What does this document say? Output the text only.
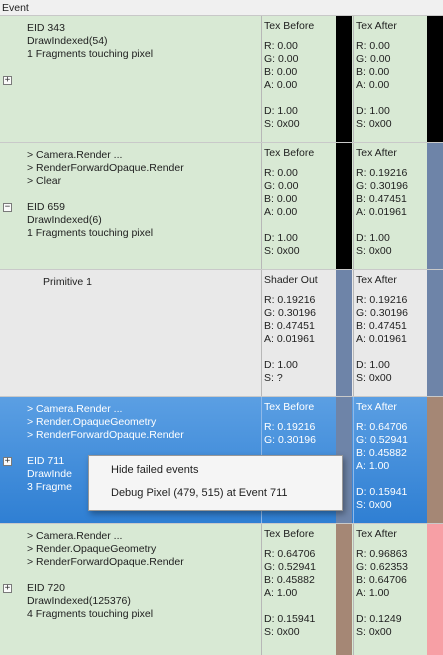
Event
EID 343
DrawIndexed(54)
1 Fragments touching pixel
+
Tex Before
R: 0.00
G: 0.00
B: 0.00
A: 0.00
D: 1.00
S: 0x00
Tex After
R: 0.00
G: 0.00
B: 0.00
A: 0.00
D: 1.00
S: 0x00
> Camera.Render ...
> RenderForwardOpaque.Render
> Clear
EID 659
DrawIndexed(6)
1 Fragments touching pixel
−
Tex Before
R: 0.00
G: 0.00
B: 0.00
A: 0.00
D: 1.00
S: 0x00
Tex After
R: 0.19216
G: 0.30196
B: 0.47451
A: 0.01961
D: 1.00
S: 0x00
Primitive 1	Shader Out
R: 0.19216
G: 0.30196
B: 0.47451
A: 0.01961
D: 1.00
S: ?
Tex After
R: 0.19216
G: 0.30196
B: 0.47451
A: 0.01961
D: 1.00
S: 0x00
> Camera.Render ...
> Render.OpaqueGeometry
> RenderForwardOpaque.Render
EID 711
DrawInde
3 Fragme
+
Tex Before
R: 0.19216
G: 0.30196
Tex After
R: 0.64706
G: 0.52941
B: 0.45882
A: 1.00
D: 0.15941
S: 0x00
> Camera.Render ...
> Render.OpaqueGeometry
> RenderForwardOpaque.Render
EID 720
DrawIndexed(125376)
4 Fragments touching pixel
+
Tex Before
R: 0.64706
G: 0.52941
B: 0.45882
A: 1.00
D: 0.15941
S: 0x00
Tex After
R: 0.96863
G: 0.62353
B: 0.64706
A: 1.00
D: 0.1249
S: 0x00
Hide failed events
Debug Pixel (479, 515) at Event 711
